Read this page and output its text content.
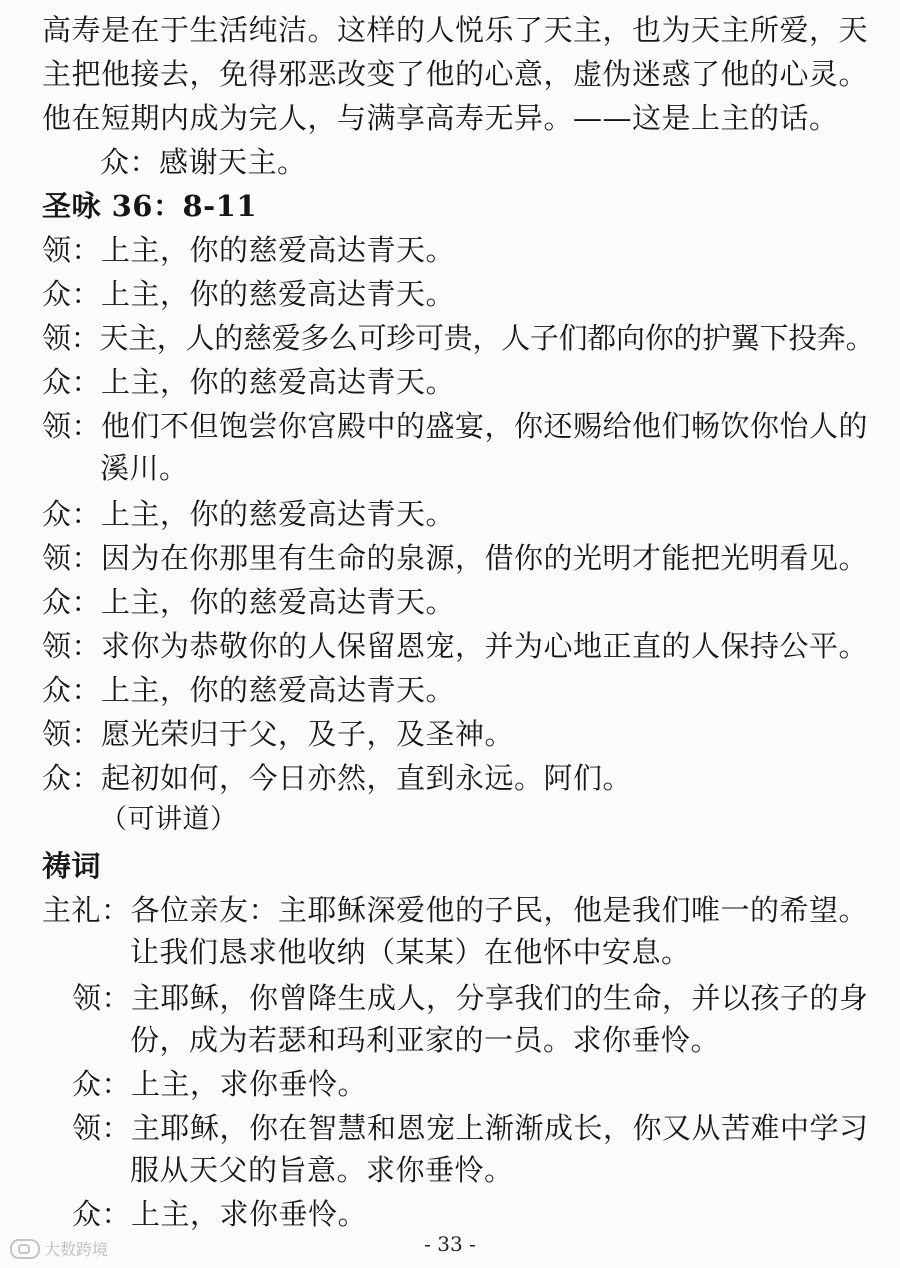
高寿是在于生活纯洁。这样的人悦乐了天主，也为天主所爱，天
主把他接去，免得邪恶改变了他的心意，虚伪迷惑了他的心灵。
他在短期内成为完人，与满享高寿无异。——这是上主的话。
众：感谢天主。
圣咏 36：8-11
领：上主，你的慈爱高达青天。
众：上主，你的慈爱高达青天。
领：天主，人的慈爱多么可珍可贵，人子们都向你的护翼下投奔。
众：上主，你的慈爱高达青天。
领：他们不但饱尝你宫殿中的盛宴，你还赐给他们畅饮你怡人的
溪川。
众：上主，你的慈爱高达青天。
领：因为在你那里有生命的泉源，借你的光明才能把光明看见。
众：上主，你的慈爱高达青天。
领：求你为恭敬你的人保留恩宠，并为心地正直的人保持公平。
众：上主，你的慈爱高达青天。
领：愿光荣归于父，及子，及圣神。
众：起初如何，今日亦然，直到永远。阿们。
（可讲道）
祷词
主礼：各位亲友：主耶稣深爱他的子民，他是我们唯一的希望。
让我们恳求他收纳（某某）在他怀中安息。
领：主耶稣，你曾降生成人，分享我们的生命，并以孩子的身
份，成为若瑟和玛利亚家的一员。求你垂怜。
众：上主，求你垂怜。
领：主耶稣，你在智慧和恩宠上渐渐成长，你又从苦难中学习
服从天父的旨意。求你垂怜。
众：上主，求你垂怜。
- 33 -
大数跨境
